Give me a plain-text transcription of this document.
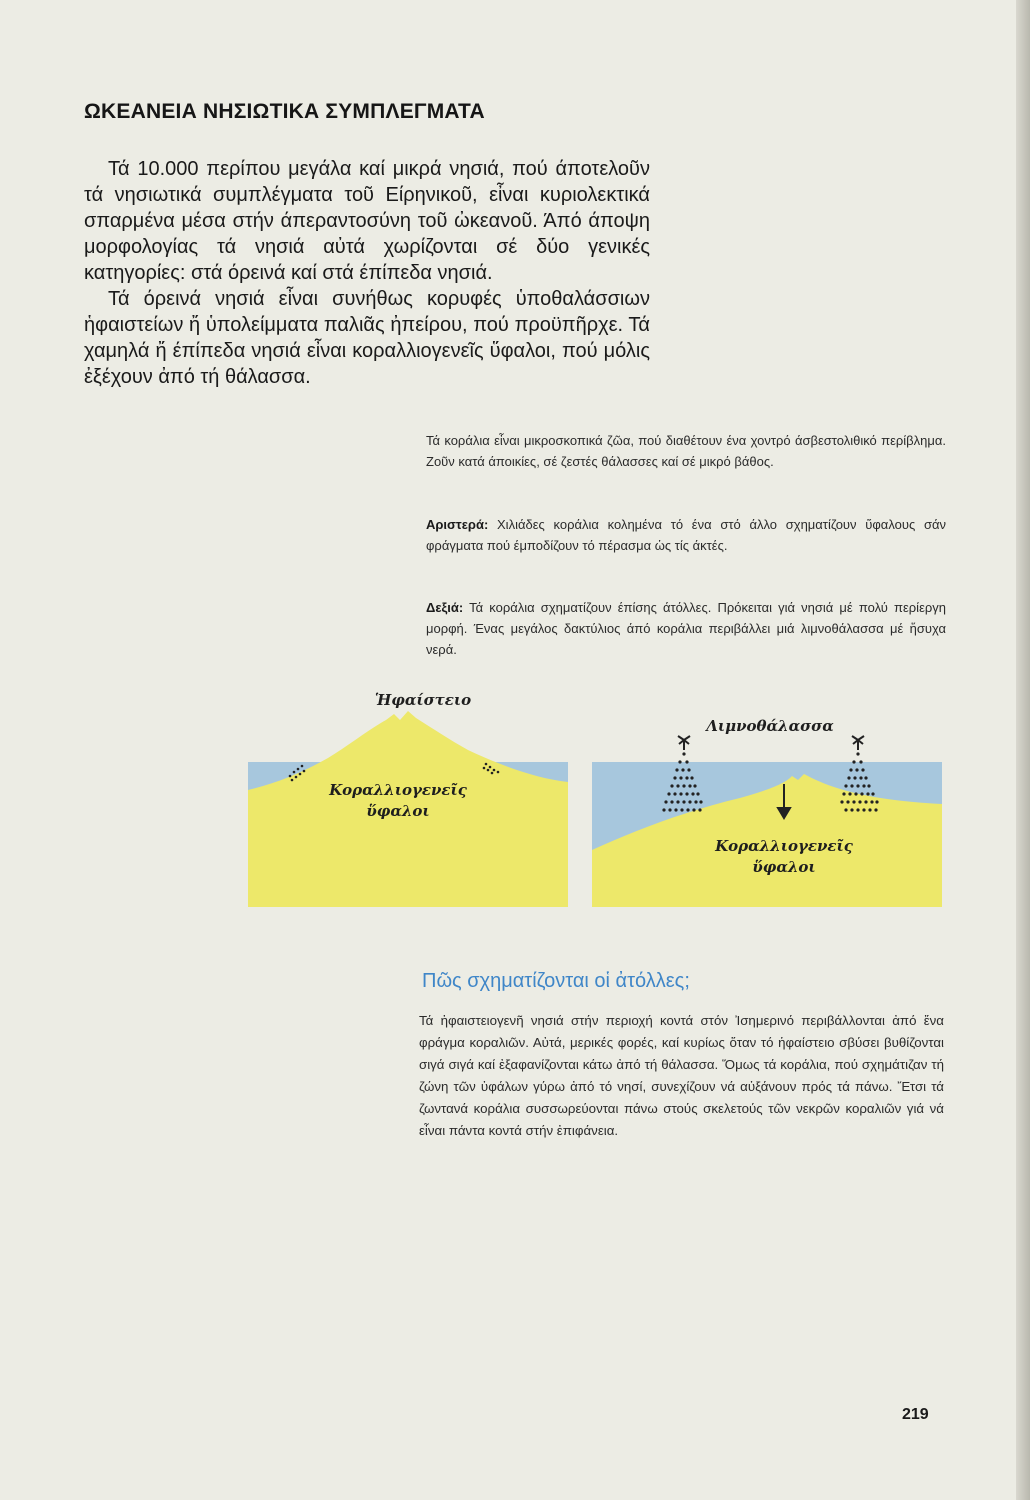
ΩΚΕΑΝΕΙΑ ΝΗΣΙΩΤΙΚΑ ΣΥΜΠΛΕΓΜΑΤΑ

Τά 10.000 περίπου μεγάλα καί μικρά νησιά, πού άποτελοῦν τά νησιωτικά συμπλέγματα τοῦ Είρηνικοῦ, εἶναι κυριολεκτικά σπαρμένα μέσα στήν άπεραντοσύνη τοῦ ὠκεανοῦ. Άπό άποψη μορφολογίας τά νησιά αὐτά χωρίζονται σέ δύο γενικές κατηγορίες: στά όρεινά καί στά έπίπεδα νησιά.

Τά όρεινά νησιά εἶναι συνήθως κορυφές ὑποθαλάσσιων ἡφαιστείων ἤ ὑπολείμματα παλιᾶς ἠπείρου, πού προϋπῆρχε. Τά χαμηλά ἤ έπίπεδα νησιά εἶναι κοραλλιογενεῖς ὕφαλοι, πού μόλις ἐξέχουν ἀπό τή θάλασσα.

Τά κοράλια εἶναι μικροσκοπικά ζῶα, πού διαθέτουν ένα χοντρό άσβεστολιθικό περίβλημα. Ζοῦν κατά άποικίες, σέ ζεστές θάλασσες καί σέ μικρό βάθος.

Αριστερά: Χιλιάδες κοράλια κολημένα τό ένα στό άλλο σχηματίζουν ὕφαλους σάν φράγματα πού έμποδίζουν τό πέρασμα ὡς τίς άκτές.

Δεξιά: Τά κοράλια σχηματίζουν έπίσης άτόλλες. Πρόκειται γιά νησιά μέ πολύ περίεργη μορφή. Ένας μεγάλος δακτύλιος άπό κοράλια περιβάλλει μιά λιμνοθάλασσα μέ ἥσυχα νερά.

Ἡφαίστειο
Κοραλλιογενεῖς
ὕφαλοι
Λιμνοθάλασσα
Κοραλλιογενεῖς
ὕφαλοι
Πῶς σχηματίζονται οἱ ἀτόλλες;

Τά ἡφαιστειογενῆ νησιά στήν περιοχή κοντά στόν Ἰσημερινό περιβάλλονται ἀπό ἕνα φράγμα κοραλιῶν. Αὐτά, μερικές φορές, καί κυρίως ὅταν τό ἡφαίστειο σβύσει βυθίζονται σιγά σιγά καί ἐξαφανίζονται κάτω ἀπό τή θάλασσα. Ὅμως τά κοράλια, πού σχημάτιζαν τή ζώνη τῶν ὑφάλων γύρω ἀπό τό νησί, συνεχίζουν νά αὐξάνουν πρός τά πάνω. Ἔτσι τά ζωντανά κοράλια συσσωρεύονται πάνω στούς σκελετούς τῶν νεκρῶν κοραλιῶν γιά νά εἶναι πάντα κοντά στήν ἐπιφάνεια.

219
